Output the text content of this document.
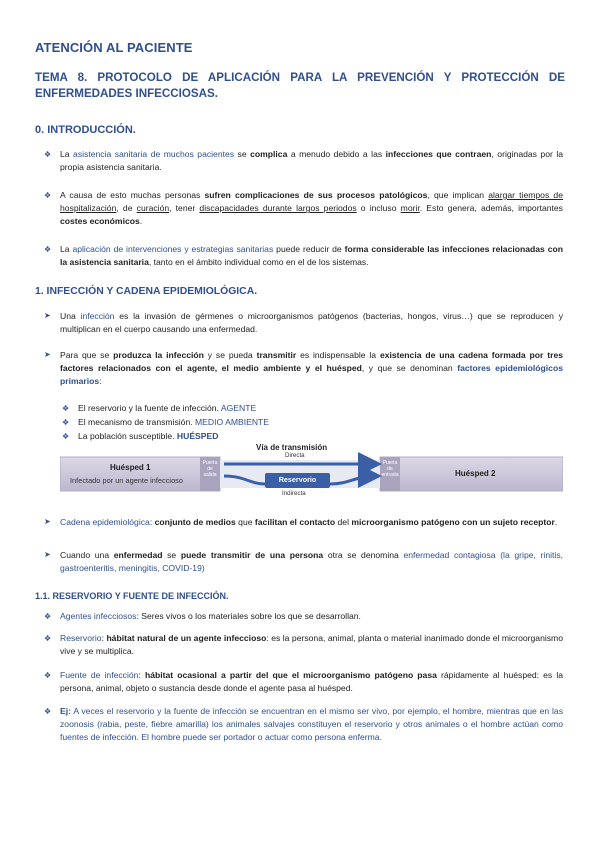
ATENCIÓN AL PACIENTE
TEMA 8. PROTOCOLO DE APLICACIÓN PARA LA PREVENCIÓN Y PROTECCIÓN DE
ENFERMEDADES INFECCIOSAS.
0. INTRODUCCIÓN.
❖ La asistencia sanitaria de muchos pacientes se complica a menudo debido a las infecciones que contraen, originadas por la propia asistencia sanitaria.
❖ A causa de esto muchas personas sufren complicaciones de sus procesos patológicos, que implican alargar tiempos de hospitalización, de curación, tener discapacidades durante largos periodos o incluso morir. Esto genera, además, importantes costes económicos.
❖ La aplicación de intervenciones y estrategias sanitarias puede reducir de forma considerable las infecciones relacionadas con la asistencia sanitaria, tanto en el ámbito individual como en el de los sistemas.
1. INFECCIÓN Y CADENA EPIDEMIOLÓGICA.
➤ Una infección es la invasión de gérmenes o microorganismos patógenos (bacterias, hongos, virus…) que se reproducen y multiplican en el cuerpo causando una enfermedad.
➤ Para que se produzca la infección y se pueda transmitir es indispensable la existencia de una cadena formada por tres factores relacionados con el agente, el medio ambiente y el huésped, y que se denominan factores epidemiológicos primarios:
❖ El reservorio y la fuente de infección. AGENTE
❖ El mecanismo de transmisión. MEDIO AMBIENTE
❖ La población susceptible. HUÉSPED
Huésped 1
Infectado por un agente infeccioso
Puerta de salida
Puerta de entrada
Vía de transmisión
Directa
Reservorio
Indirecta
Huésped 2
➤ Cadena epidemiológica: conjunto de medios que facilitan el contacto del microorganismo patógeno con un sujeto receptor.
➤ Cuando una enfermedad se puede transmitir de una persona otra se denomina enfermedad contagiosa (la gripe, rinitis, gastroenteritis, meningitis, COVID-19)
1.1. RESERVORIO Y FUENTE DE INFECCIÓN.
❖ Agentes infecciosos: Seres vivos o los materiales sobre los que se desarrollan.
❖ Reservorio: hábitat natural de un agente infeccioso: es la persona, animal, planta o material inanimado donde el microorganismo vive y se multiplica.
❖ Fuente de infección: hábitat ocasional a partir del que el microorganismo patógeno pasa rápidamente al huésped: es la persona, animal, objeto o sustancia desde donde el agente pasa al huésped.
❖ Ej: A veces el reservorio y la fuente de infección se encuentran en el mismo ser vivo, por ejemplo, el hombre, mientras que en las zoonosis (rabia, peste, fiebre amarilla) los animales salvajes constituyen el reservorio y otros animales o el hombre actúan como fuentes de infección. El hombre puede ser portador o actuar como persona enferma.
